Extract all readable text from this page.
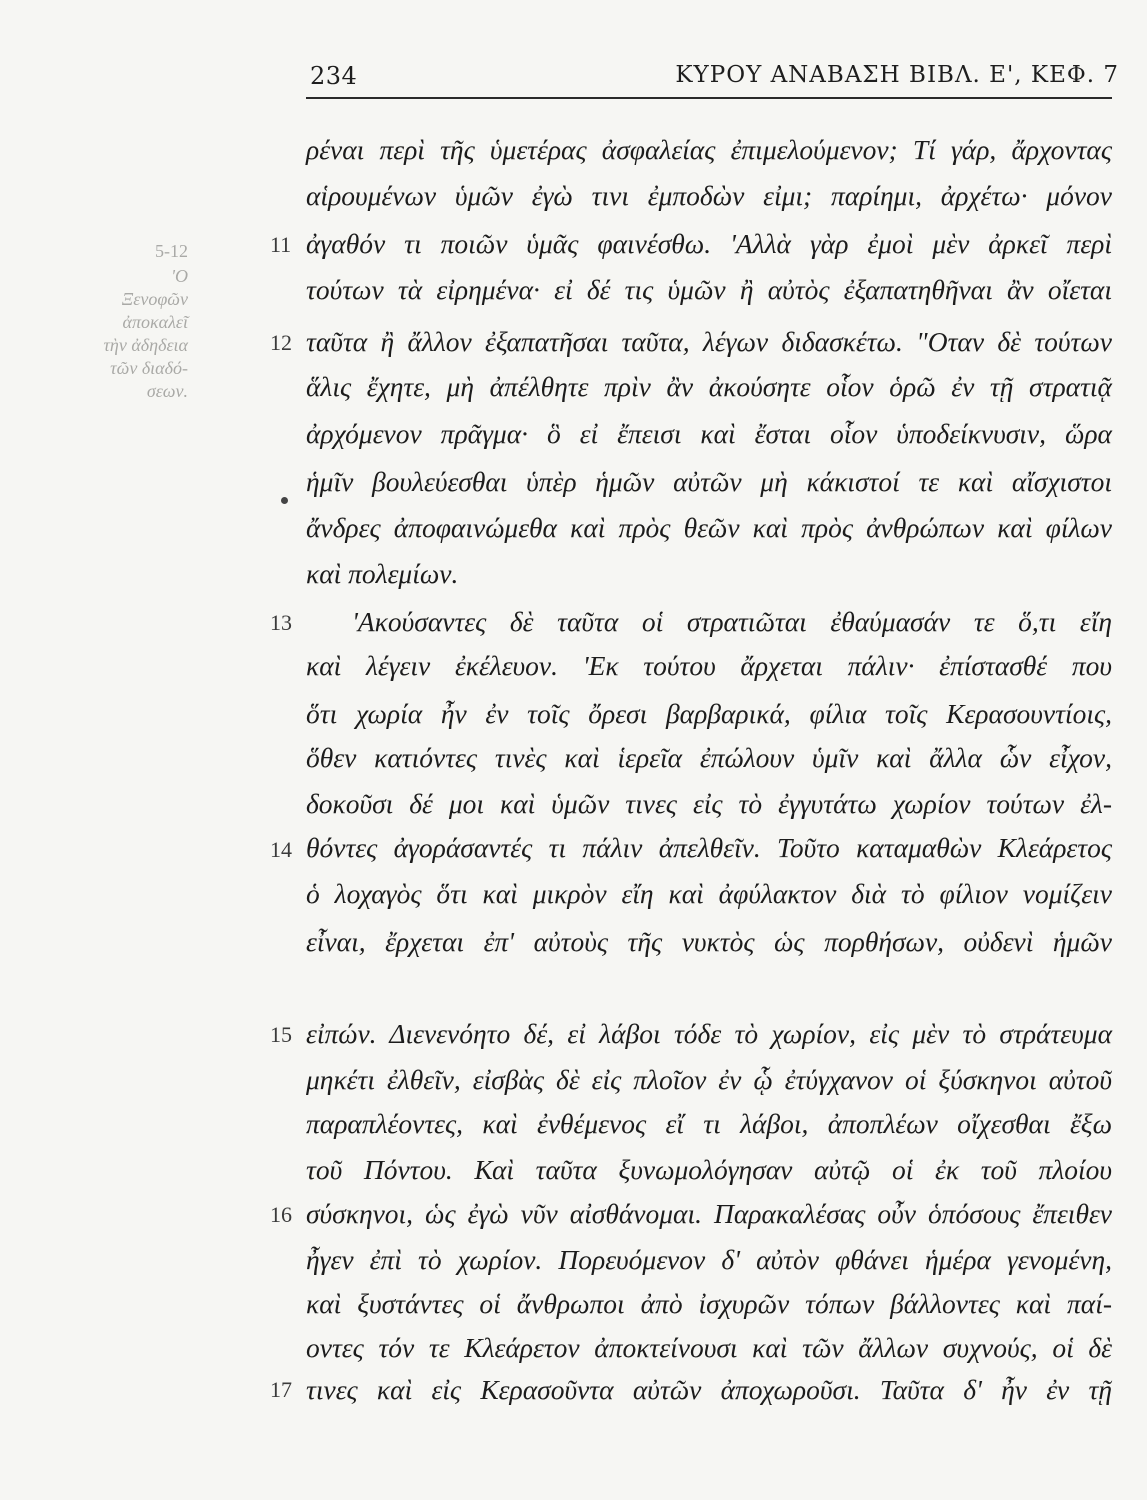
234	ΚΥΡΟΥ ΑΝΑΒΑΣΗ ΒΙΒΛ. Ε', ΚΕΦ. 7
5-12
'Ο Ξενοφῶν
ἀποκαλεῖ
τὴν ἀδηδεια
τῶν διαδό-
σεων.
11
12
13
14
15
16
17
ρέναι περὶ τῆς ὑμετέρας ἀσφαλείας ἐπιμελούμενον; Τί γάρ, ἄρχοντας
αἱρουμένων ὑμῶν ἐγὼ τινι ἐμποδὼν εἰμι; παρίημι, ἀρχέτω· μόνον
ἀγαθόν τι ποιῶν ὑμᾶς φαινέσθω. 'Αλλὰ γὰρ ἐμοὶ μὲν ἀρκεῖ περὶ
τούτων τὰ εἰρημένα· εἰ δέ τις ὑμῶν ἢ αὐτὸς ἐξαπατηθῆναι ἂν οἴεται
ταῦτα ἢ ἄλλον ἐξαπατῆσαι ταῦτα, λέγων διδασκέτω. "Οταν δὲ τούτων
ἅλις ἔχητε, μὴ ἀπέλθητε πρὶν ἂν ἀκούσητε οἷον ὁρῶ ἐν τῇ στρατιᾷ
ἀρχόμενον πρᾶγμα· ὃ εἰ ἔπεισι καὶ ἔσται οἷον ὑποδείκνυσιν, ὥρα
ἡμῖν βουλεύεσθαι ὑπὲρ ἡμῶν αὐτῶν μὴ κάκιστοί τε καὶ αἴσχιστοι
ἄνδρες ἀποφαινώμεθα καὶ πρὸς θεῶν καὶ πρὸς ἀνθρώπων καὶ φίλων
καὶ πολεμίων.
'Ακούσαντες δὲ ταῦτα οἱ στρατιῶται ἐθαύμασάν τε ὅ,τι εἴη
καὶ λέγειν ἐκέλευον. 'Εκ τούτου ἄρχεται πάλιν· ἐπίστασθέ που
ὅτι χωρία ἦν ἐν τοῖς ὄρεσι βαρβαρικά, φίλια τοῖς Κερασουντίοις,
ὅθεν κατιόντες τινὲς καὶ ἱερεῖα ἐπώλουν ὑμῖν καὶ ἄλλα ὧν εἶχον,
δοκοῦσι δέ μοι καὶ ὑμῶν τινες εἰς τὸ ἐγγυτάτω χωρίον τούτων ἐλ-
θόντες ἀγοράσαντές τι πάλιν ἀπελθεῖν. Τοῦτο καταμαθὼν Κλεάρετος
ὁ λοχαγὸς ὅτι καὶ μικρὸν εἴη καὶ ἀφύλακτον διὰ τὸ φίλιον νομίζειν
εἶναι, ἔρχεται ἐπ' αὐτοὺς τῆς νυκτὸς ὡς πορθήσων, οὐδενὶ ἡμῶν
εἰπών. Διενενόητο δέ, εἰ λάβοι τόδε τὸ χωρίον, εἰς μὲν τὸ στράτευμα
μηκέτι ἐλθεῖν, εἰσβὰς δὲ εἰς πλοῖον ἐν ᾧ ἐτύγχανον οἱ ξύσκηνοι αὐτοῦ
παραπλέοντες, καὶ ἐνθέμενος εἴ τι λάβοι, ἀποπλέων οἴχεσθαι ἔξω
τοῦ Πόντου. Καὶ ταῦτα ξυνωμολόγησαν αὐτῷ οἱ ἐκ τοῦ πλοίου
σύσκηνοι, ὡς ἐγὼ νῦν αἰσθάνομαι. Παρακαλέσας οὖν ὁπόσους ἔπειθεν
ἦγεν ἐπὶ τὸ χωρίον. Πορευόμενον δ' αὐτὸν φθάνει ἡμέρα γενομένη,
καὶ ξυστάντες οἱ ἄνθρωποι ἀπὸ ἰσχυρῶν τόπων βάλλοντες καὶ παί-
οντες τόν τε Κλεάρετον ἀποκτείνουσι καὶ τῶν ἄλλων συχνούς, οἱ δὲ
τινες καὶ εἰς Κερασοῦντα αὐτῶν ἀποχωροῦσι. Ταῦτα δ' ἦν ἐν τῇ
